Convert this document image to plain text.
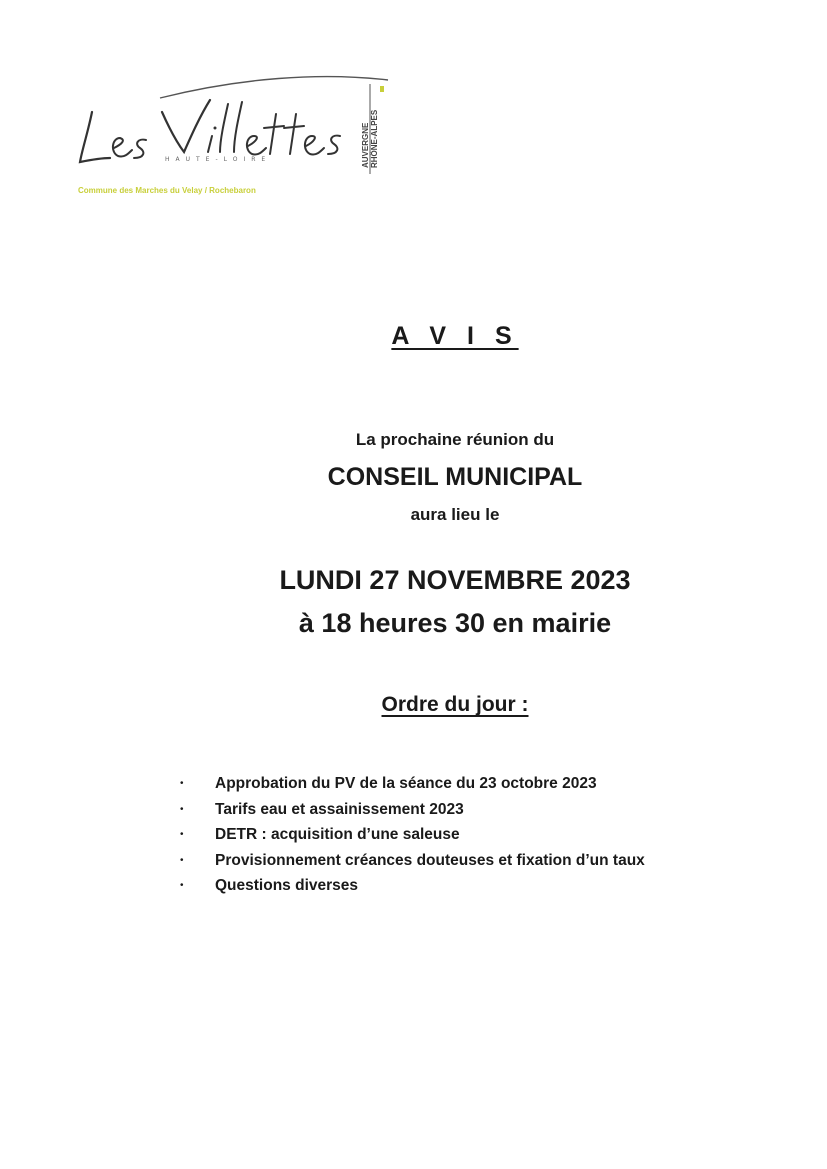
HAUTE-LOIRE
Commune des Marches du Velay / Rochebaron
AUVERGNE RHÔNE-ALPES
A V I S
La prochaine réunion du
CONSEIL MUNICIPAL
aura lieu le
LUNDI 27 NOVEMBRE 2023
à 18 heures 30 en mairie
Ordre du jour :
• Approbation du PV de la séance du 23 octobre 2023
• Tarifs eau et assainissement 2023
• DETR : acquisition d’une saleuse
• Provisionnement créances douteuses et fixation d’un taux
• Questions diverses
